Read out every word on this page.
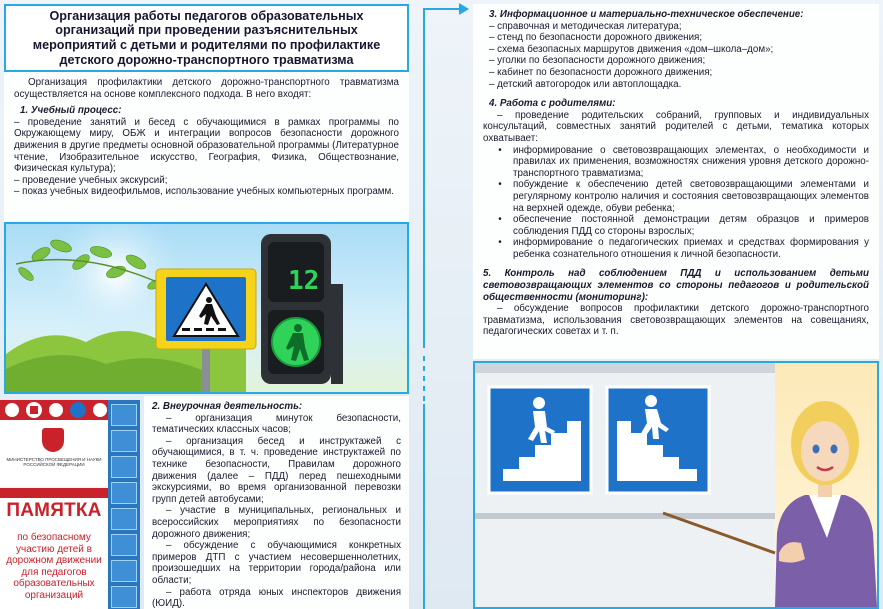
Организация работы педагогов образовательных организаций при проведении разъяснительных мероприятий с детьми и родителями по профилактике детского дорожно-транспортного травматизма

Организация профилактики детского дорожно-транспортного травматизма осуществляется на основе комплексного подхода. В него входят:

1. Учебный процесс:

– проведение занятий и бесед с обучающимися в рамках программы по Окружающему миру, ОБЖ и интеграции вопросов безопасности дорожного движения в другие предметы основной образовательной программы (Литературное чтение, Изобразительное искусство, География, Физика, Обществознание, Физическая культура);

– проведение учебных экскурсий;

– показ учебных видеофильмов, использование учебных компьютерных программ.

12
МИНИСТЕРСТВО ПРОСВЕЩЕНИЯ И НАУКИ РОССИЙСКОЙ ФЕДЕРАЦИИ
ПАМЯТКА
по безопасному участию детей в дорожном движении для педагогов образовательных организаций

2. Внеурочная деятельность:

– организация минуток безопасности, тематических классных часов;

– организация бесед и инструктажей с обучающимися, в т. ч. проведение инструктажей по технике безопасности, Правилам дорожного движения (далее – ПДД) перед пешеходными экскурсиями, во время организованной перевозки групп детей автобусами;

– участие в муниципальных, региональных и всероссийских мероприятиях по безопасности дорожного движения;

– обсуждение с обучающимися конкретных примеров ДТП с участием несовершеннолетних, произошедших на территории города/района или области;

– работа отряда юных инспекторов движения (ЮИД).

3. Информационное и материально-техническое обеспечение:

– справочная и методическая литература;

– стенд по безопасности дорожного движения;

– схема безопасных маршрутов движения «дом–школа–дом»;

– уголки по безопасности дорожного движения;

– кабинет по безопасности дорожного движения;

– детский автогородок или автоплощадка.

4. Работа с родителями:

– проведение родительских собраний, групповых и индивидуальных консультаций, совместных занятий родителей с детьми, тематика которых охватывает:

•	информирование о световозвращающих элементах, о необходимости и правилах их применения, возможностях снижения уровня детского дорожно-транспортного травматизма;
•	побуждение к обеспечению детей световозвращающими элементами и регулярному контролю наличия и состояния световозвращающих элементов на верхней одежде, обуви ребенка;
•	обеспечение постоянной демонстрации детям образцов и примеров соблюдения ПДД со стороны взрослых;
•	информирование о педагогических приемах и средствах формирования у ребенка сознательного отношения к личной безопасности.

5. Контроль над соблюдением ПДД и использованием детьми световозвращающих элементов со стороны педагогов и родительской общественности (мониторинг):

– обсуждение вопросов профилактики детского дорожно-транспортного травматизма, использования световозвращающих элементов на совещаниях, педагогических советах и т. п.
